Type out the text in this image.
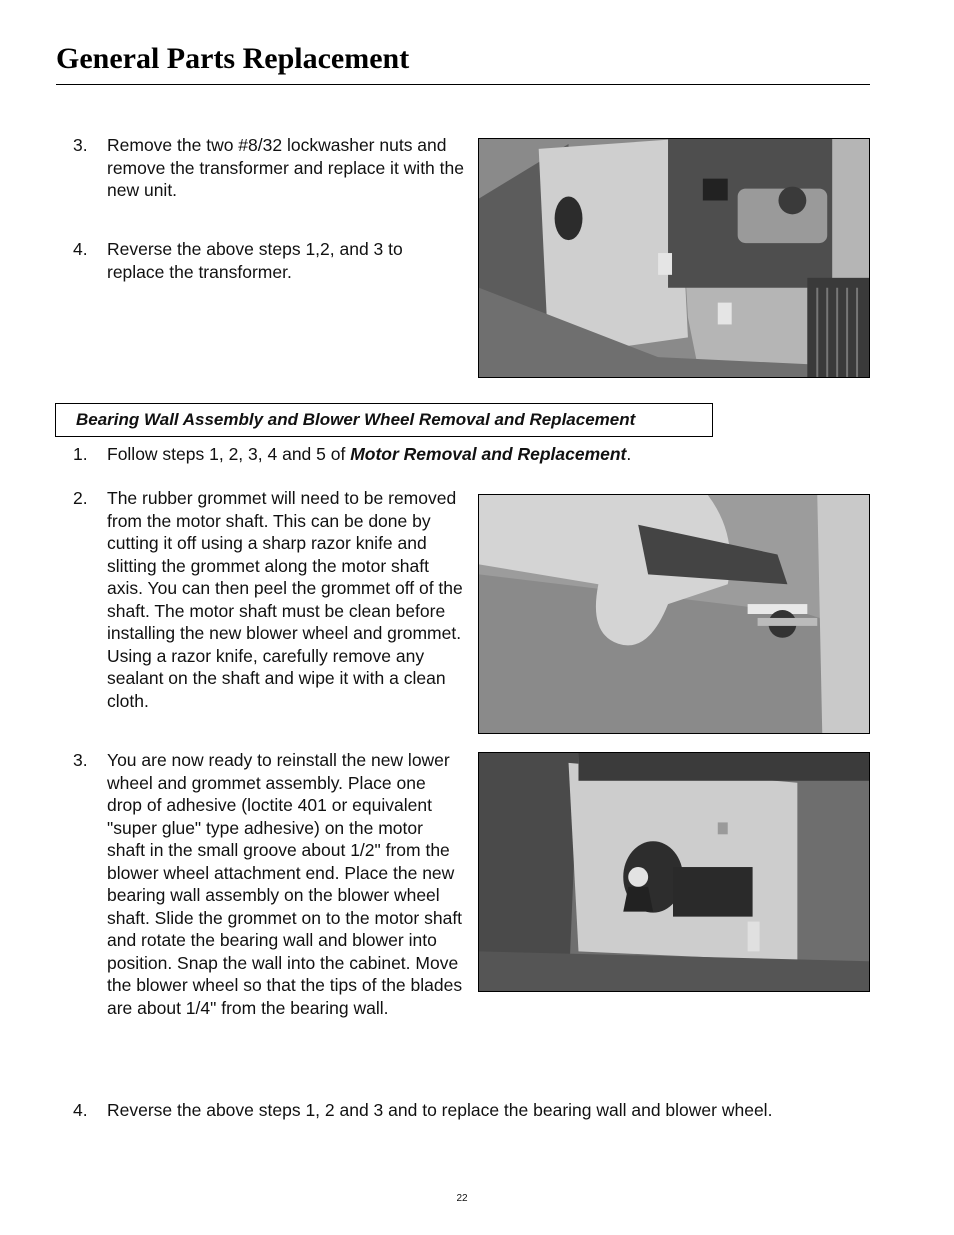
General Parts Replacement
3. Remove the two #8/32 lockwasher nuts and remove the transformer and replace it with the new unit.
4. Reverse the above steps 1,2, and 3 to replace the transformer.
Bearing Wall Assembly and Blower Wheel Removal and Replacement
1. Follow steps 1, 2, 3, 4 and 5 of Motor Removal and Replacement.
2. The rubber grommet will need to be removed from the motor shaft. This can be done by cutting it off using a sharp razor knife and slitting the grommet along the motor shaft axis. You can then peel the grommet off of the shaft. The motor shaft must be clean before installing the new blower wheel and grommet. Using a razor knife, carefully remove any sealant on the shaft and wipe it with a clean cloth.
3. You are now ready to reinstall the new lower wheel and grommet assembly. Place one drop of adhesive (loctite 401 or equivalent "super glue" type adhesive) on the motor shaft in the small groove about 1/2" from the blower wheel attachment end. Place the new bearing wall assembly on the blower wheel shaft. Slide the grommet on to the motor shaft and rotate the bearing wall and blower into position. Snap the wall into the cabinet. Move the blower wheel so that the tips of the blades are about 1/4" from the bearing wall.
4. Reverse the above steps 1, 2 and 3 and to replace the bearing wall and blower wheel.
22
